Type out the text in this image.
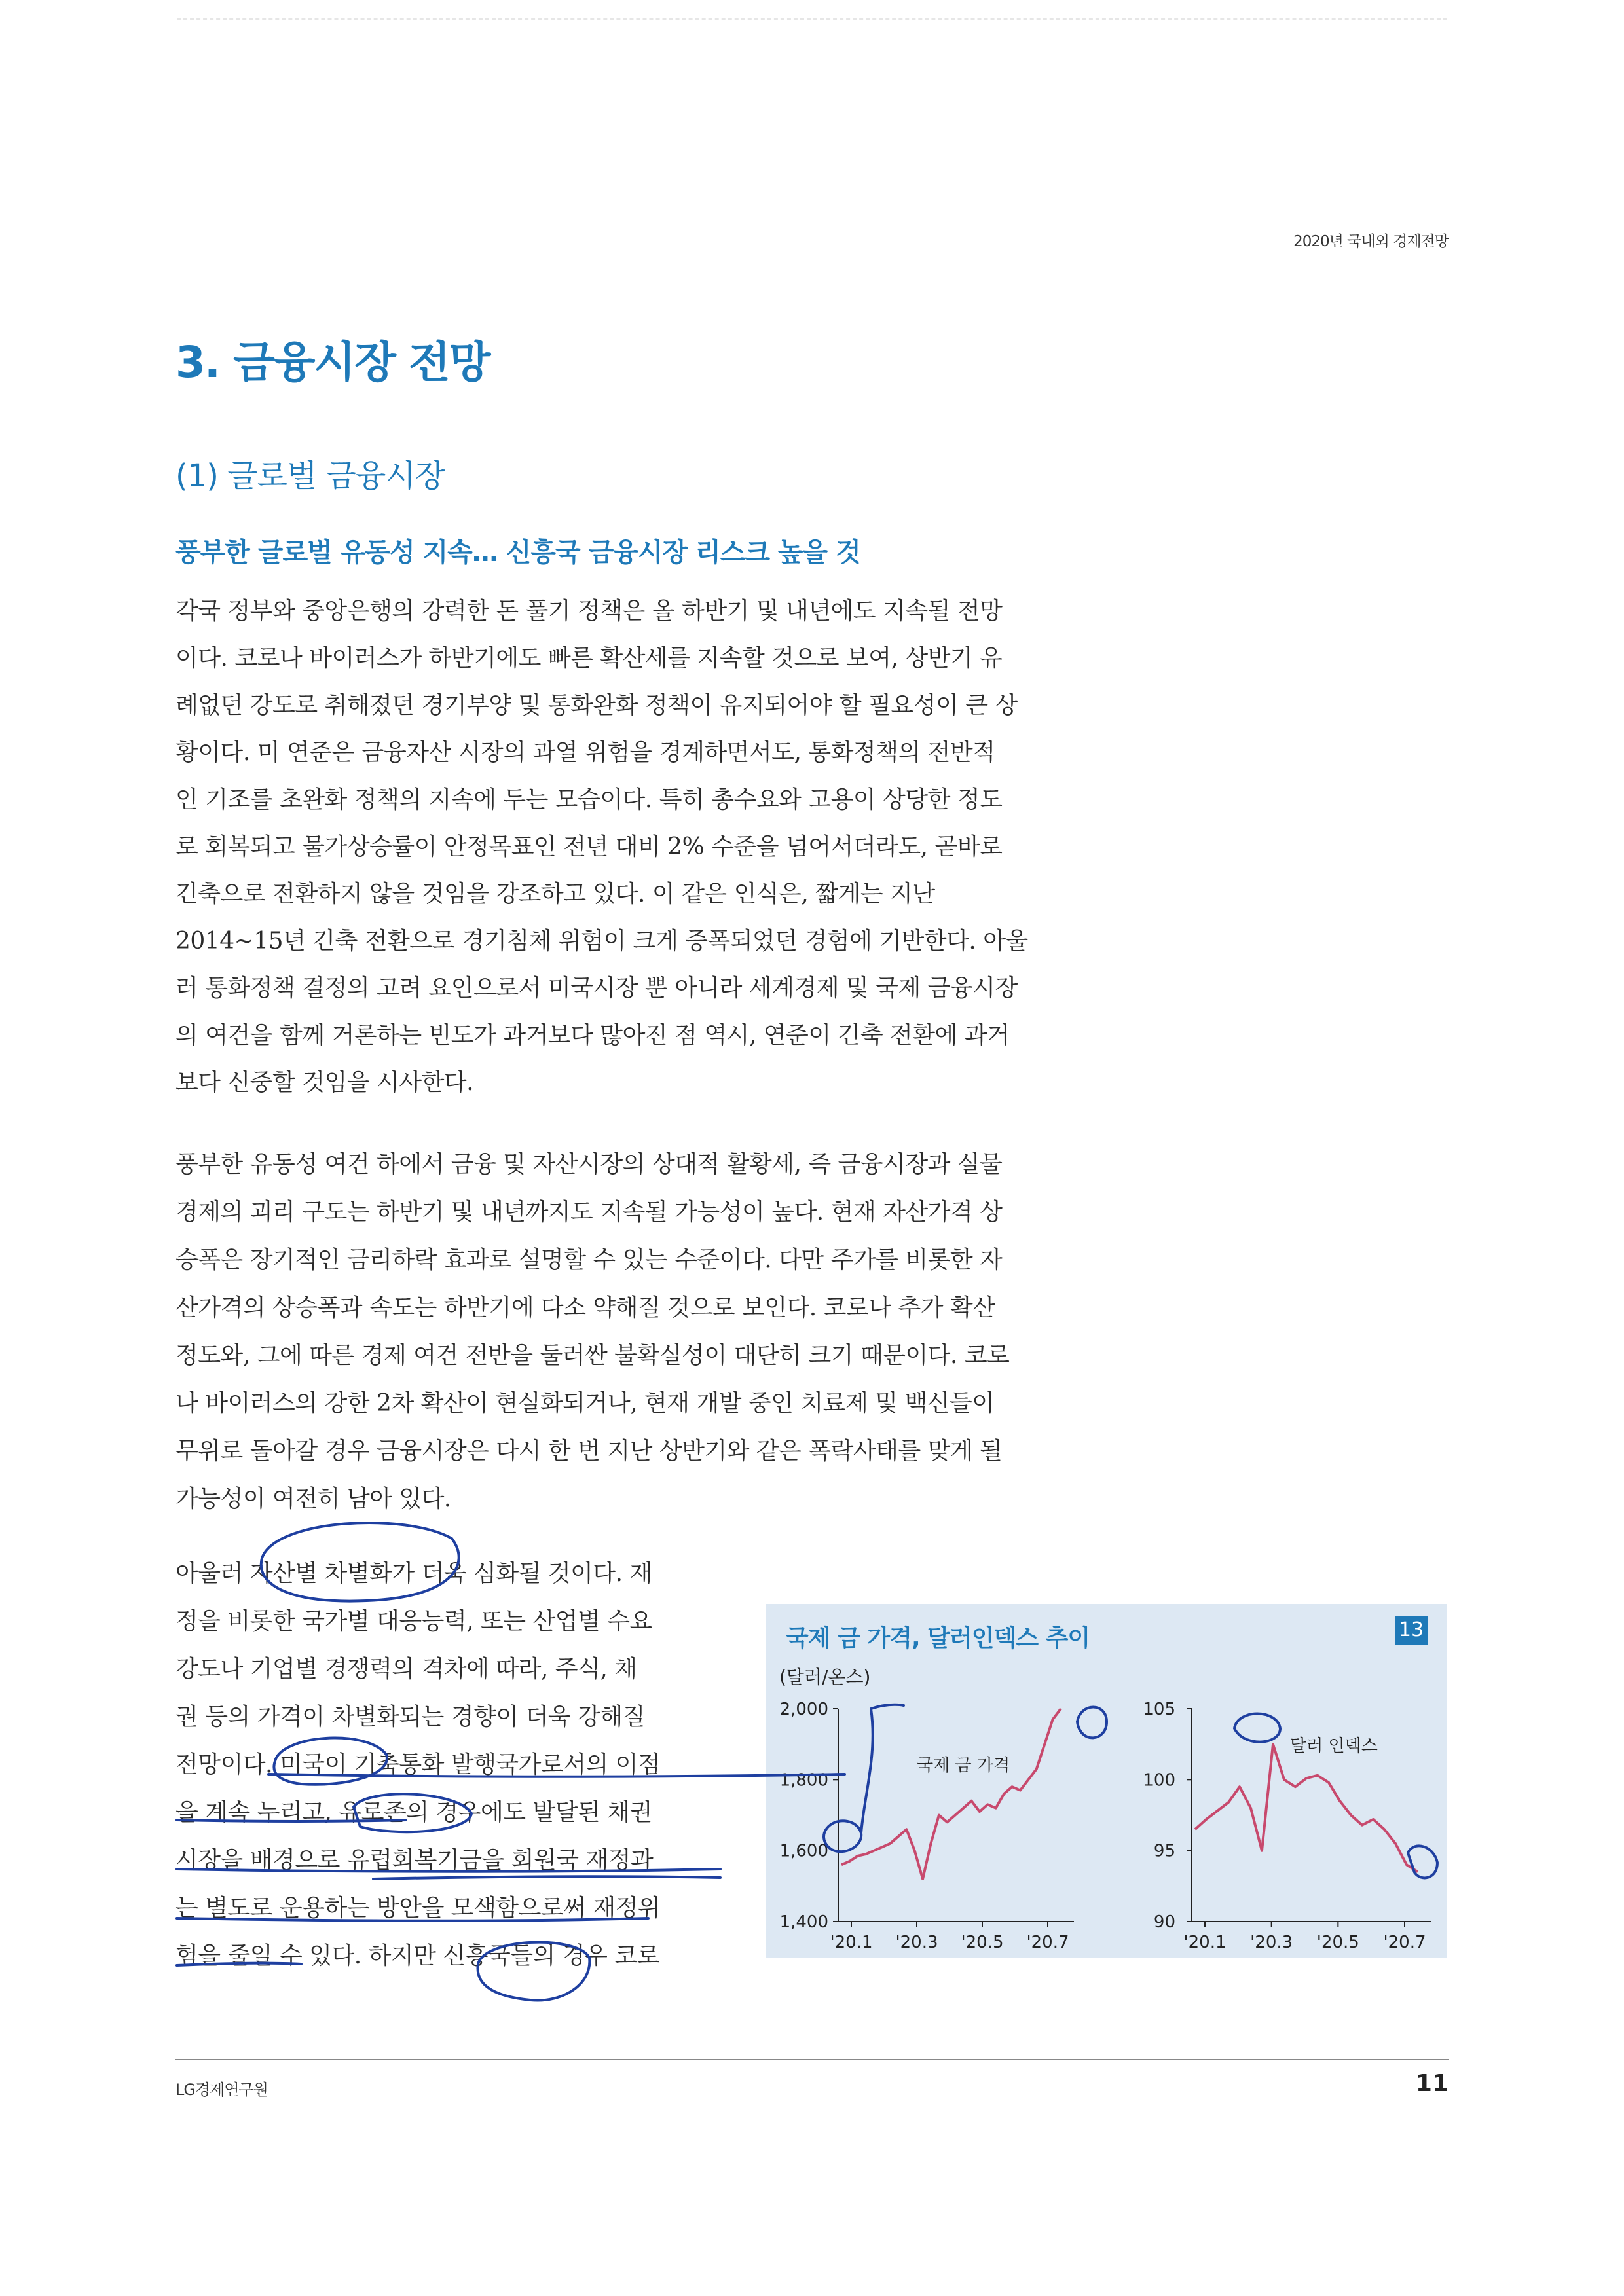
2020년 국내외 경제전망
3. 금융시장 전망
(1) 글로벌 금융시장
풍부한 글로벌 유동성 지속… 신흥국 금융시장 리스크 높을 것
각국 정부와 중앙은행의 강력한 돈 풀기 정책은 올 하반기 및 내년에도 지속될 전망
이다. 코로나 바이러스가 하반기에도 빠른 확산세를 지속할 것으로 보여, 상반기 유
례없던 강도로 취해졌던 경기부양 및 통화완화 정책이 유지되어야 할 필요성이 큰 상
황이다. 미 연준은 금융자산 시장의 과열 위험을 경계하면서도, 통화정책의 전반적
인 기조를 초완화 정책의 지속에 두는 모습이다. 특히 총수요와 고용이 상당한 정도
로 회복되고 물가상승률이 안정목표인 전년 대비 2% 수준을 넘어서더라도, 곧바로
긴축으로 전환하지 않을 것임을 강조하고 있다. 이 같은 인식은, 짧게는 지난
2014~15년 긴축 전환으로 경기침체 위험이 크게 증폭되었던 경험에 기반한다. 아울
러 통화정책 결정의 고려 요인으로서 미국시장 뿐 아니라 세계경제 및 국제 금융시장
의 여건을 함께 거론하는 빈도가 과거보다 많아진 점 역시, 연준이 긴축 전환에 과거
보다 신중할 것임을 시사한다.
풍부한 유동성 여건 하에서 금융 및 자산시장의 상대적 활황세, 즉 금융시장과 실물
경제의 괴리 구도는 하반기 및 내년까지도 지속될 가능성이 높다. 현재 자산가격 상
승폭은 장기적인 금리하락 효과로 설명할 수 있는 수준이다. 다만 주가를 비롯한 자
산가격의 상승폭과 속도는 하반기에 다소 약해질 것으로 보인다. 코로나 추가 확산
정도와, 그에 따른 경제 여건 전반을 둘러싼 불확실성이 대단히 크기 때문이다. 코로
나 바이러스의 강한 2차 확산이 현실화되거나, 현재 개발 중인 치료제 및 백신들이
무위로 돌아갈 경우 금융시장은 다시 한 번 지난 상반기와 같은 폭락사태를 맞게 될
가능성이 여전히 남아 있다.
아울러 자산별 차별화가 더욱 심화될 것이다. 재
정을 비롯한 국가별 대응능력, 또는 산업별 수요
강도나 기업별 경쟁력의 격차에 따라, 주식, 채
권 등의 가격이 차별화되는 경향이 더욱 강해질
전망이다. 미국이 기축통화 발행국가로서의 이점
을 계속 누리고, 유로존의 경우에도 발달된 채권
시장을 배경으로 유럽회복기금을 회원국 재정과
는 별도로 운용하는 방안을 모색함으로써 재정위
험을 줄일 수 있다. 하지만 신흥국들의 경우 코로
국제 금 가격, 달러인덱스 추이	13
(달러/온스)
1,400
1,600
1,800
2,000
'20.1 '20.3 '20.5 '20.7
국제 금 가격
90
95
100
105
'20.1 '20.3 '20.5 '20.7
달러 인덱스
LG경제연구원	11
